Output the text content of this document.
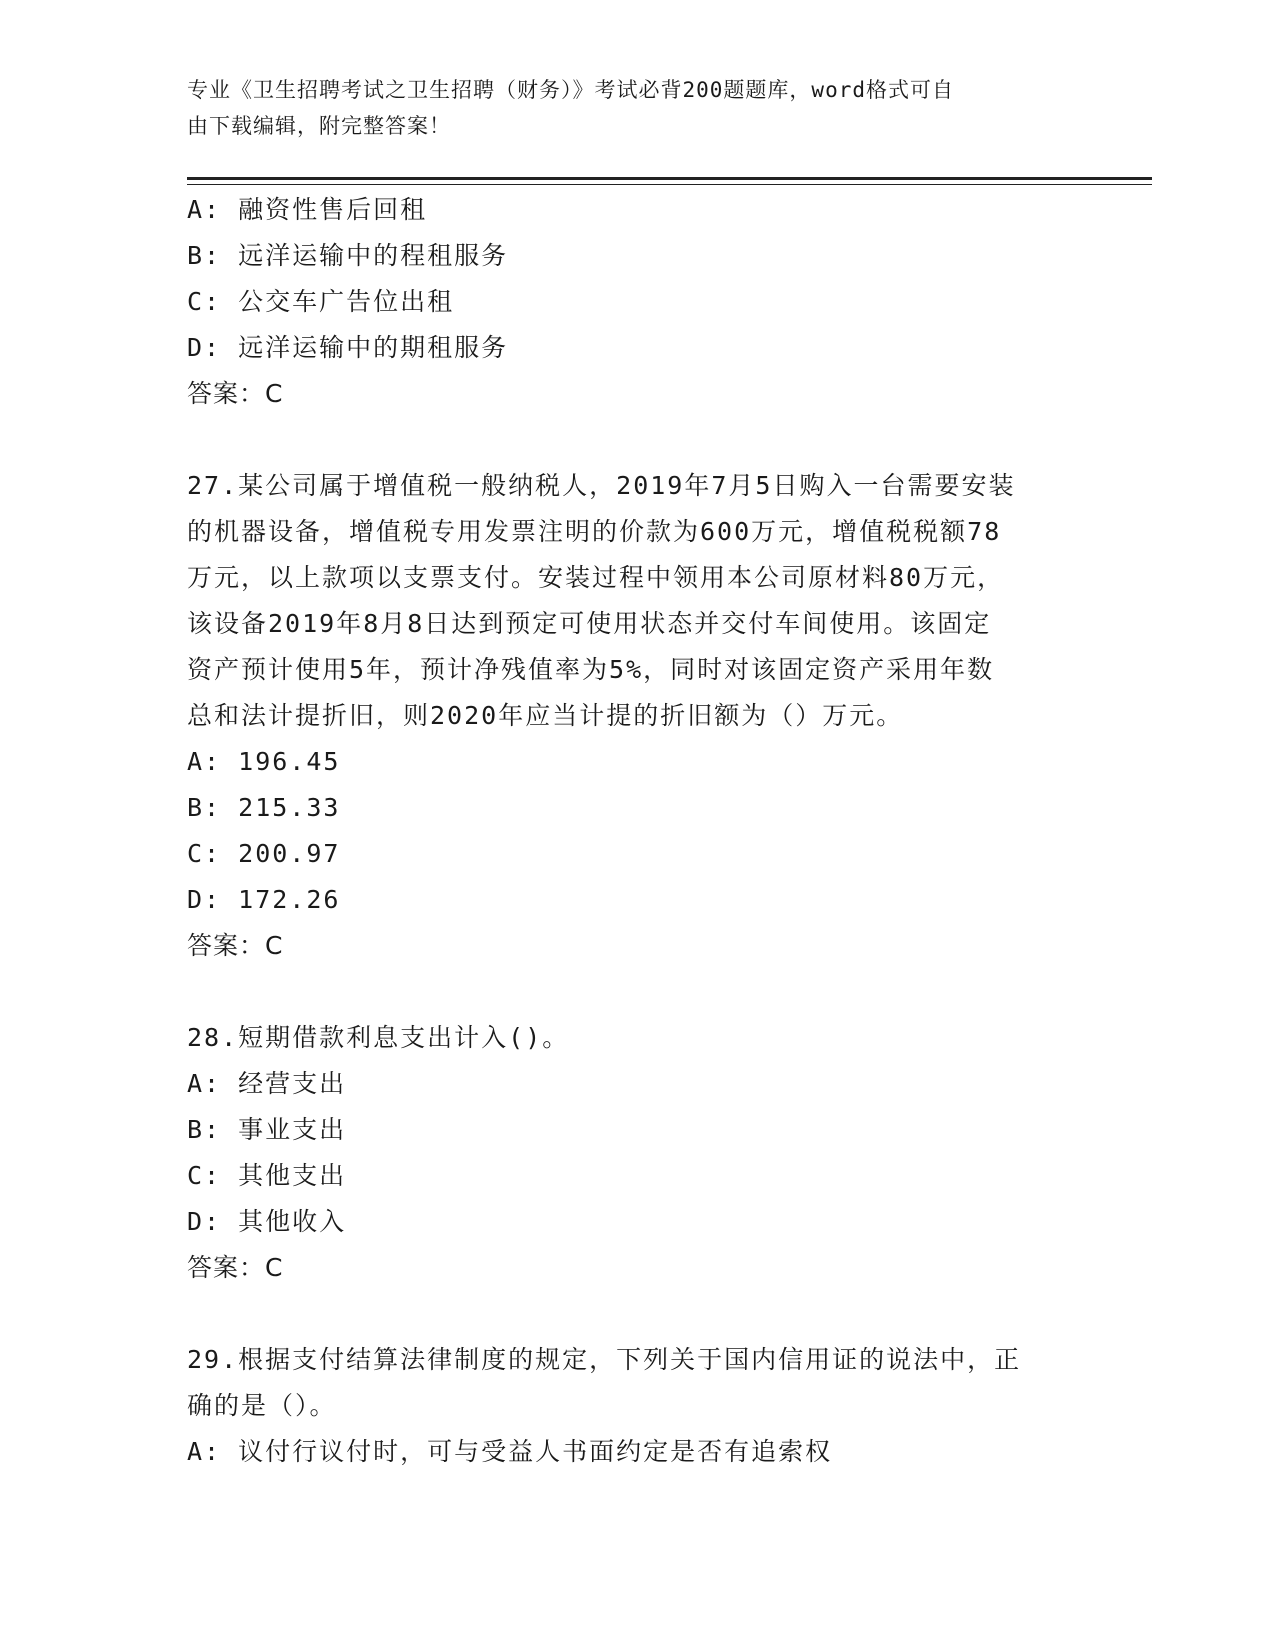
专业《卫生招聘考试之卫生招聘（财务）》考试必背200题题库，word格式可自
由下载编辑，附完整答案！
A: 融资性售后回租
B: 远洋运输中的程租服务
C: 公交车广告位出租
D: 远洋运输中的期租服务
答案：C
27.某公司属于增值税一般纳税人，2019年7月5日购入一台需要安装
的机器设备，增值税专用发票注明的价款为600万元，增值税税额78
万元，以上款项以支票支付。安装过程中领用本公司原材料80万元，
该设备2019年8月8日达到预定可使用状态并交付车间使用。该固定
资产预计使用5年，预计净残值率为5%，同时对该固定资产采用年数
总和法计提折旧，则2020年应当计提的折旧额为（）万元。
A: 196.45
B: 215.33
C: 200.97
D: 172.26
答案：C
28.短期借款利息支出计入()。
A: 经营支出
B: 事业支出
C: 其他支出
D: 其他收入
答案：C
29.根据支付结算法律制度的规定，下列关于国内信用证的说法中，正
确的是（）。
A: 议付行议付时，可与受益人书面约定是否有追索权
